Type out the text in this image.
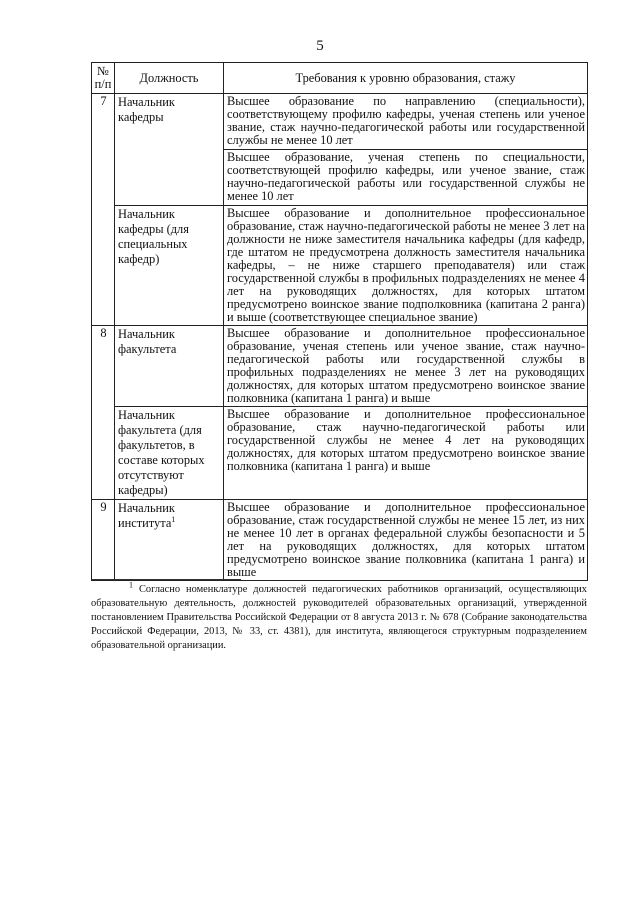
5
№ п/п	Должность	Требования к уровню образования, стажу
7	Начальник кафедры	Высшее образование по направлению (специальности), соответствующему профилю кафедры, ученая степень или ученое звание, стаж научно-педагогической работы или государственной службы не менее 10 лет
		Высшее образование, ученая степень по специальности, соответствующей профилю кафедры, или ученое звание, стаж научно-педагогической работы или государственной службы не менее 10 лет
	Начальник кафедры (для специальных кафедр)	Высшее образование и дополнительное профессиональное образование, стаж научно-педагогической работы не менее 3 лет на должности не ниже заместителя начальника кафедры (для кафедр, где штатом не предусмотрена должность заместителя начальника кафедры, – не ниже старшего преподавателя) или стаж государственной службы в профильных подразделениях не менее 4 лет на руководящих должностях, для которых штатом предусмотрено воинское звание подполковника (капитана 2 ранга) и выше (соответствующее специальное звание)
8	Начальник факультета	Высшее образование и дополнительное профессиональное образование, ученая степень или ученое звание, стаж научно-педагогической работы или государственной службы в профильных подразделениях не менее 3 лет на руководящих должностях, для которых штатом предусмотрено воинское звание полковника (капитана 1 ранга) и выше
	Начальник факультета (для факультетов, в составе которых отсутствуют кафедры)	Высшее образование и дополнительное профессиональное образование, стаж научно-педагогической работы или государственной службы не менее 4 лет на руководящих должностях, для которых штатом предусмотрено воинское звание полковника (капитана 1 ранга) и выше
9	Начальник института$^1$	Высшее образование и дополнительное профессиональное образование, стаж государственной службы не менее 15 лет, из них не менее 10 лет в органах федеральной службы безопасности и 5 лет на руководящих должностях, для которых штатом предусмотрено воинское звание полковника (капитана 1 ранга) и выше
$^1$ Согласно номенклатуре должностей педагогических работников организаций, осуществляющих образовательную деятельность, должностей руководителей образовательных организаций, утвержденной постановлением Правительства Российской Федерации от 8 августа 2013 г. № 678 (Собрание законодательства Российской Федерации, 2013, № 33, ст. 4381), для института, являющегося структурным подразделением образовательной организации.
